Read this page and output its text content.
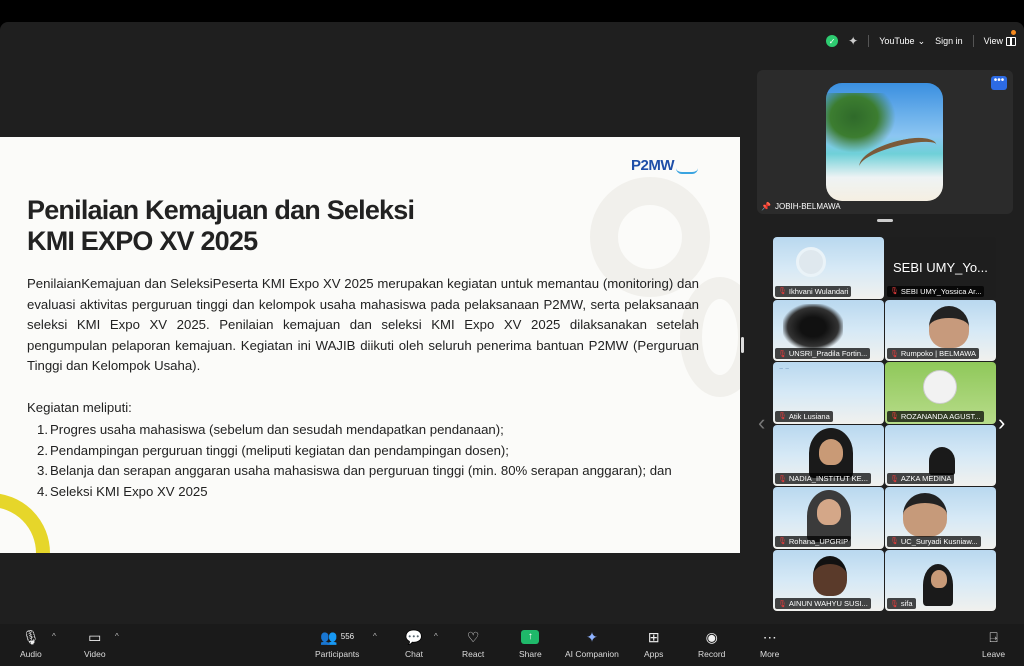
✓ ✦ YouTube ⌄ Sign in View
P2MW
Penilaian Kemajuan dan Seleksi
KMI EXPO XV 2025

PenilaianKemajuan dan SeleksiPeserta KMI Expo XV 2025 merupakan kegiatan untuk memantau (monitoring) dan evaluasi aktivitas perguruan tinggi dan kelompok usaha mahasiswa pada pelaksanaan P2MW, serta pelaksanaan seleksi KMI Expo XV 2025. Penilaian kemajuan dan seleksi KMI Expo XV 2025 dilaksanakan setelah pengumpulan pelaporan kemajuan. Kegiatan ini WAJIB diikuti oleh seluruh penerima bantuan P2MW (Perguruan Tinggi dan Kelompok Usaha).

Kegiatan meliputi:
1. Progres usaha mahasiswa (sebelum dan sesudah mendapatkan pendanaan);
2. Pendampingan perguruan tinggi (meliputi kegiatan dan pendampingan dosen);
3. Belanja dan serapan anggaran usaha mahasiswa dan perguruan tinggi (min. 80% serapan anggaran); dan
4. Seleksi KMI Expo XV 2025
•••
📌 JOBIH-BELMAWA
‹	›
🎙 Ikhvani Wulandari
SEBI UMY_Yo...
🎙 SEBI UMY_Yossica Ar...
🎙 UNSRI_Pradila Fortin...	🎙 Rumpoko | BELMAWA
~ ~
🎙 Atik Lusiana	🎙 ROZANANDA AGUST...
🎙 NADIA_INSTITUT KE...	🎙 AZKA MEDINA
🎙 Rohana_UPGRIP	🎙 UC_Suryadi Kusniaw...
🎙 AINUN WAHYU SUSI...	🎙 sifa
🎙
Audio
^ ▭
Video
^	👥 556
Participants
^ 💬
Chat
^ ♡
React
↑
Share
✦
AI Companion
⊞
Apps
◉
Record
⋯
More
⍈
Leave
